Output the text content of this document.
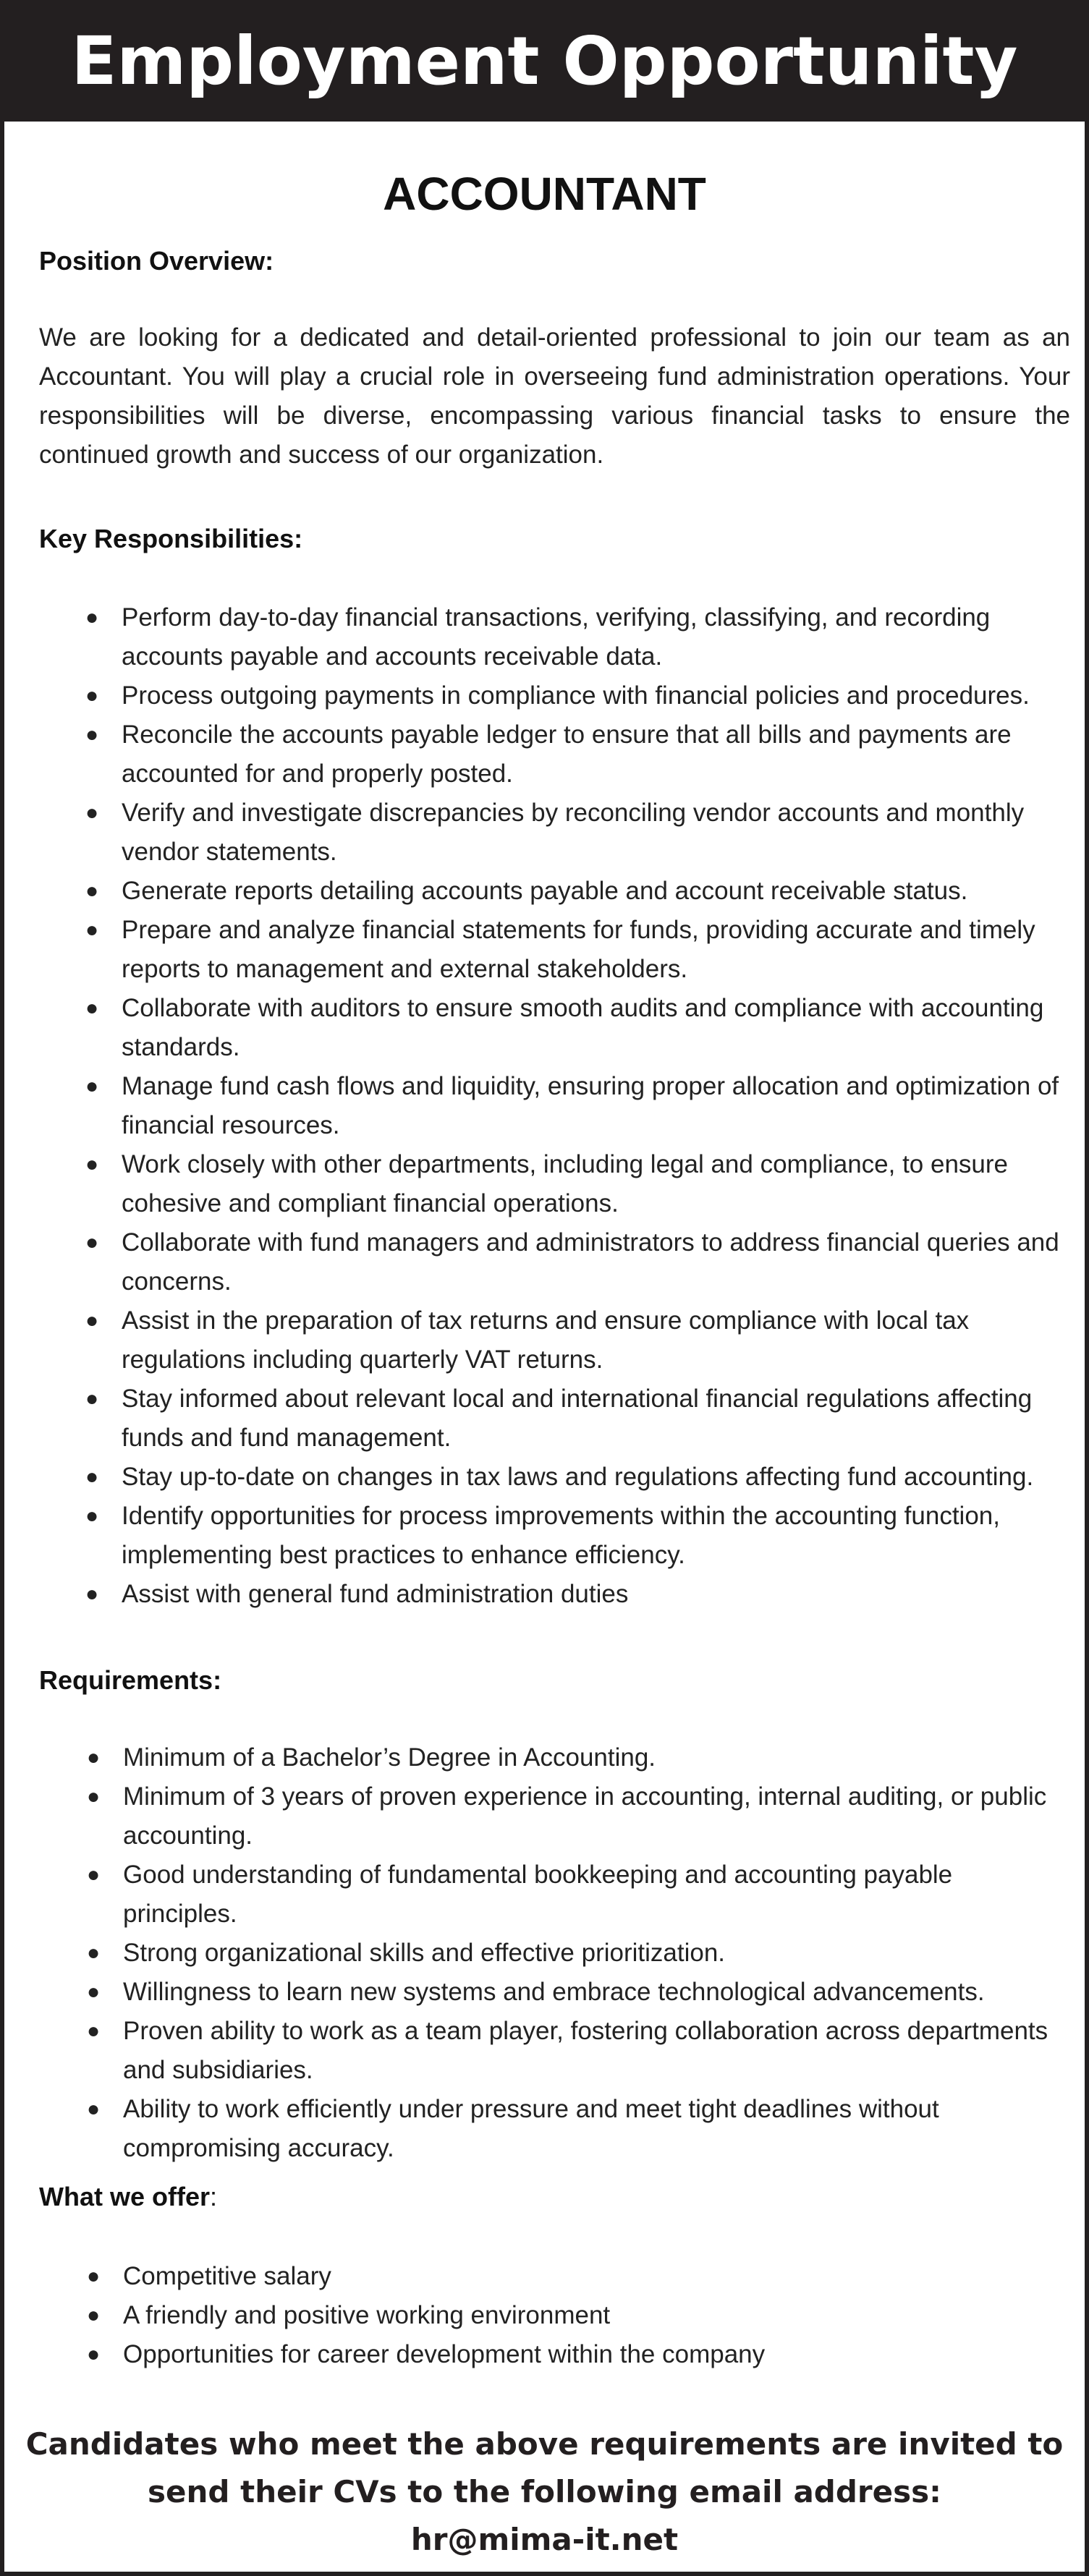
Employment Opportunity
ACCOUNTANT
Position Overview:

We are looking for a dedicated and detail-oriented professional to join our team as an Accountant. You will play a crucial role in overseeing fund administration operations. Your responsibilities will be diverse, encompassing various financial tasks to ensure the continued growth and success of our organization.

Key Responsibilities:
● Perform day-to-day financial transactions, verifying, classifying, and recording accounts payable and accounts receivable data.
● Process outgoing payments in compliance with financial policies and procedures.
● Reconcile the accounts payable ledger to ensure that all bills and payments are accounted for and properly posted.
● Verify and investigate discrepancies by reconciling vendor accounts and monthly vendor statements.
● Generate reports detailing accounts payable and account receivable status.
● Prepare and analyze financial statements for funds, providing accurate and timely reports to management and external stakeholders.
● Collaborate with auditors to ensure smooth audits and compliance with accounting standards.
● Manage fund cash flows and liquidity, ensuring proper allocation and optimization of financial resources.
● Work closely with other departments, including legal and compliance, to ensure cohesive and compliant financial operations.
● Collaborate with fund managers and administrators to address financial queries and concerns.
● Assist in the preparation of tax returns and ensure compliance with local tax regulations including quarterly VAT returns.
● Stay informed about relevant local and international financial regulations affecting funds and fund management.
● Stay up-to-date on changes in tax laws and regulations affecting fund accounting.
● Identify opportunities for process improvements within the accounting function, implementing best practices to enhance efficiency.
● Assist with general fund administration duties
Requirements:
● Minimum of a Bachelor’s Degree in Accounting.
● Minimum of 3 years of proven experience in accounting, internal auditing, or public accounting.
● Good understanding of fundamental bookkeeping and accounting payable principles.
● Strong organizational skills and effective prioritization.
● Willingness to learn new systems and embrace technological advancements.
● Proven ability to work as a team player, fostering collaboration across departments and subsidiaries.
● Ability to work efficiently under pressure and meet tight deadlines without compromising accuracy.
What we offer:
● Competitive salary
● A friendly and positive working environment
● Opportunities for career development within the company
Candidates who meet the above requirements are invited to
send their CVs to the following email address:
hr@mima-it.net
